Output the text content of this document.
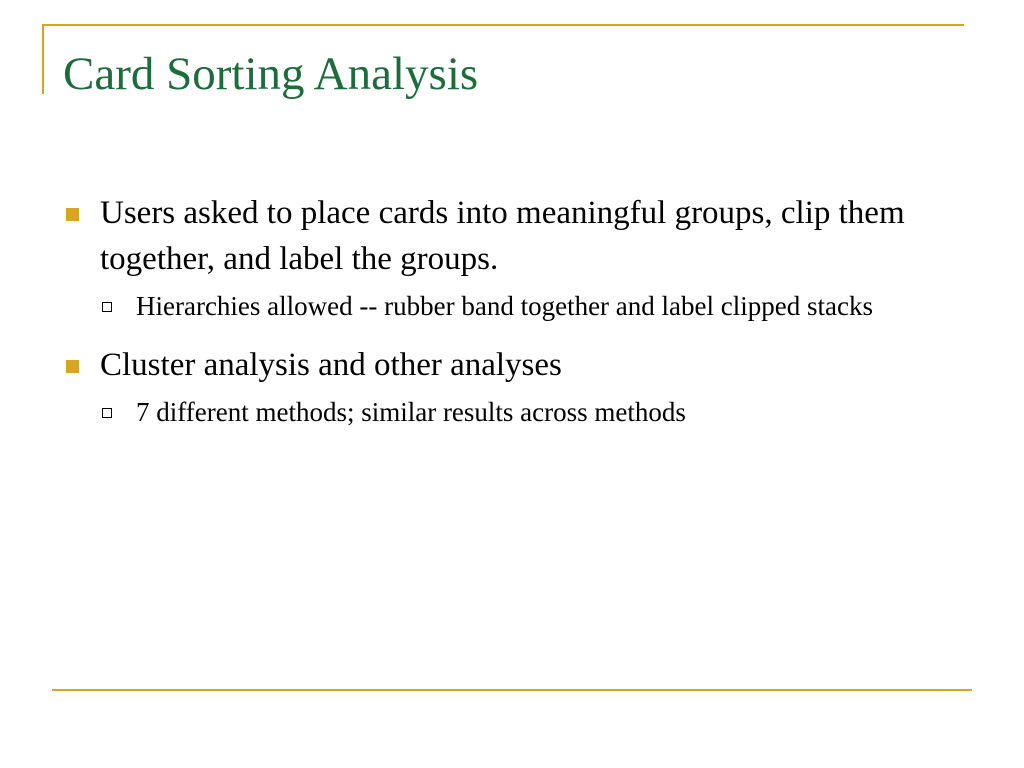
Card Sorting Analysis
Users asked to place cards into meaningful groups, clip them together, and label the groups.
Hierarchies allowed -- rubber band together and label clipped stacks
Cluster analysis and other analyses
7 different methods; similar results across methods
